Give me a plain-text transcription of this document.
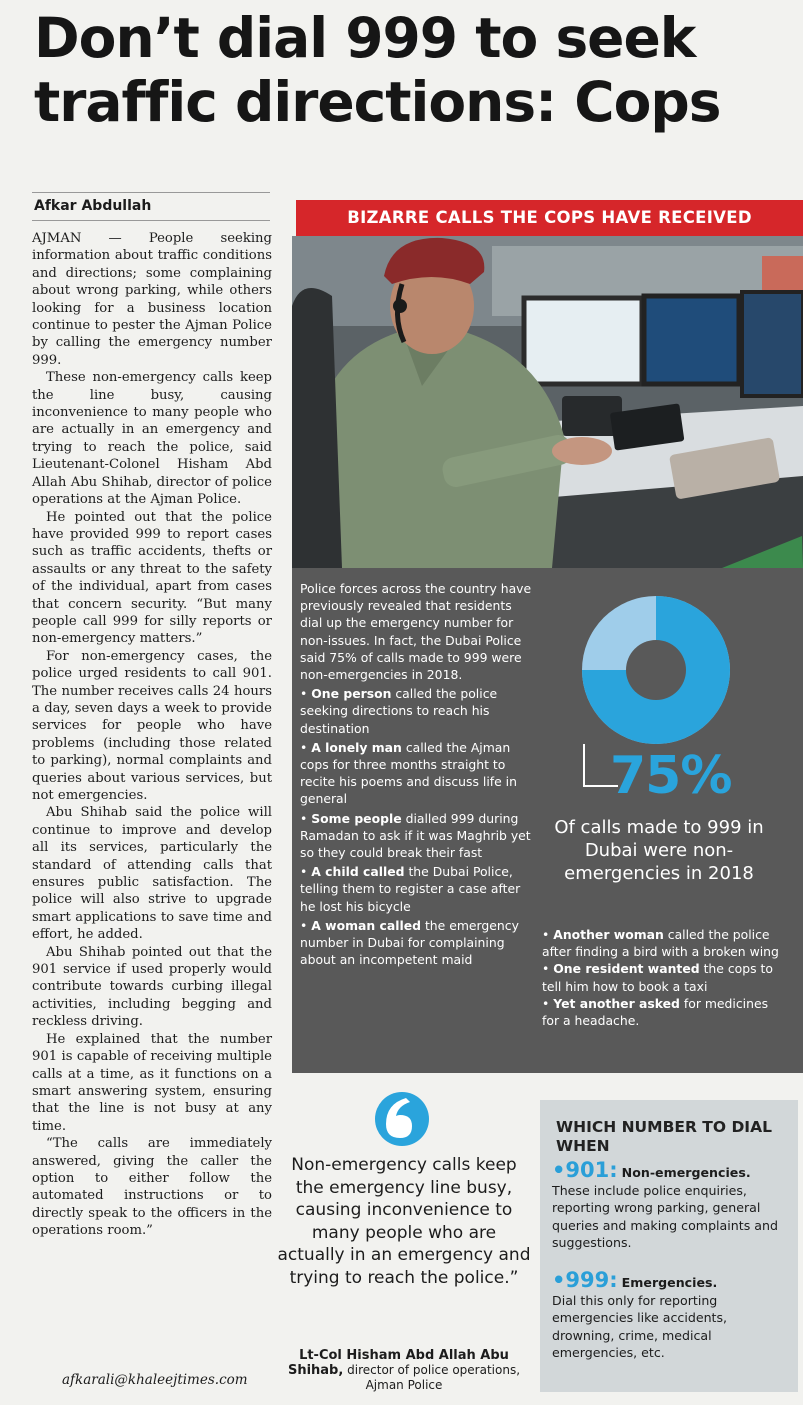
Don’t dial 999 to seek
traffic directions: Cops
Afkar Abdullah

AJMAN — People seeking information about traffic conditions and directions; some complaining about wrong parking, while others looking for a business location continue to pester the Ajman Police by calling the emergency number 999.

These non-emergency calls keep the line busy, causing inconvenience to many people who are actually in an emergency and trying to reach the police, said Lieutenant-Colonel Hisham Abd Allah Abu Shihab, director of police operations at the Ajman Police.

He pointed out that the police have provided 999 to report cases such as traffic accidents, thefts or assaults or any threat to the safety of the individual, apart from cases that concern security. “But many people call 999 for silly reports or non-emergency matters.”

For non-emergency cases, the police urged residents to call 901. The number receives calls 24 hours a day, seven days a week to provide services for people who have problems (including those related to parking), normal complaints and queries about various services, but not emergencies.

Abu Shihab said the police will continue to improve and develop all its services, particularly the standard of attending calls that ensures public satisfaction. The police will also strive to upgrade smart applications to save time and effort, he added.

Abu Shihab pointed out that the 901 service if used properly would contribute towards curbing illegal activities, including begging and reckless driving.

He explained that the number 901 is capable of receiving multiple calls at a time, as it functions on a smart answering system, ensuring that the line is not busy at any time.

“The calls are immediately answered, giving the caller the option to either follow the automated instructions or to directly speak to the officers in the operations room.”

afkarali@khaleejtimes.com
BIZARRE CALLS THE COPS HAVE RECEIVED

Police forces across the country have previously revealed that residents dial up the emergency number for non-issues. In fact, the Dubai Police said 75% of calls made to 999 were non-emergencies in 2018.

• One person called the police seeking directions to reach his destination

• A lonely man called the Ajman cops for three months straight to recite his poems and discuss life in general

• Some people dialled 999 during Ramadan to ask if it was Maghrib yet so they could break their fast

• A child called the Dubai Police, telling them to register a case after he lost his bicycle

• A woman called the emergency number in Dubai for complaining about an incompetent maid

75%
Of calls made to 999 in Dubai were non-emergencies in 2018

• Another woman called the police after finding a bird with a broken wing

• One resident wanted the cops to tell him how to book a taxi

• Yet another asked for medicines for a headache.

Non-emergency calls keep the emergency line busy, causing inconvenience to many people who are actually in an emergency and trying to reach the police.”
Lt-Col Hisham Abd Allah Abu Shihab, director of police operations, Ajman Police
WHICH NUMBER TO DIAL WHEN
•901: Non-emergencies.
These include police enquiries, reporting wrong parking, general queries and making complaints and suggestions.
•999: Emergencies.
Dial this only for reporting emergencies like accidents, drowning, crime, medical emergencies, etc.
